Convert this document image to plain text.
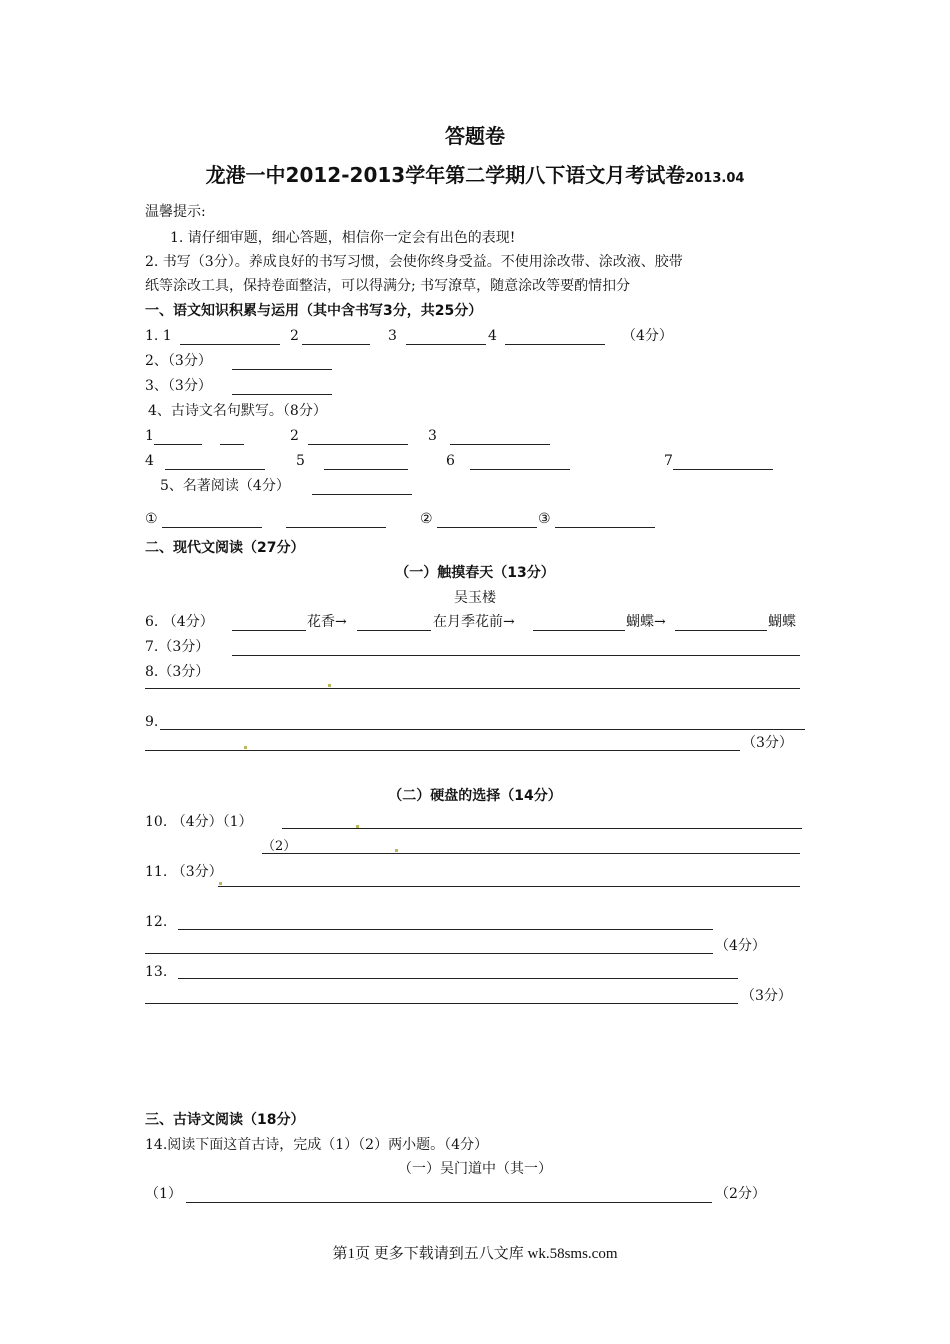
答题卷
龙港一中2012-2013学年第二学期八下语文月考试卷2013.04
温馨提示:
1. 请仔细审题，细心答题，相信你一定会有出色的表现!
2. 书写（3分）。养成良好的书写习惯，会使你终身受益。不使用涂改带、涂改液、胶带
纸等涂改工具，保持卷面整洁，可以得满分; 书写潦草，随意涂改等要酌情扣分
一、语文知识积累与运用（其中含书写3分，共25分）
1. 1	2	3	4	（4分）
2、（3分）
3、（3分）
4、古诗文名句默写。（8分）
1	2	3
4	5	6	7
5、名著阅读（4分）
①	②	③
二、现代文阅读（27分）
（一）触摸春天（13分）
吴玉楼
6. （4分）	花香→	在月季花前→	蝴蝶→	蝴蝶
7.（3分）
8.（3分）
9.
（3分）
（二）硬盘的选择（14分）
10. （4分）（1）
（2）
11. （3分）
12.
（4分）
13.
（3分）
三、古诗文阅读（18分）
14.阅读下面这首古诗，完成（1）（2）两小题。（4分）
（一）吴门道中（其一）
（1）	（2分）
第1页 更多下载请到五八文库 wk.58sms.com
